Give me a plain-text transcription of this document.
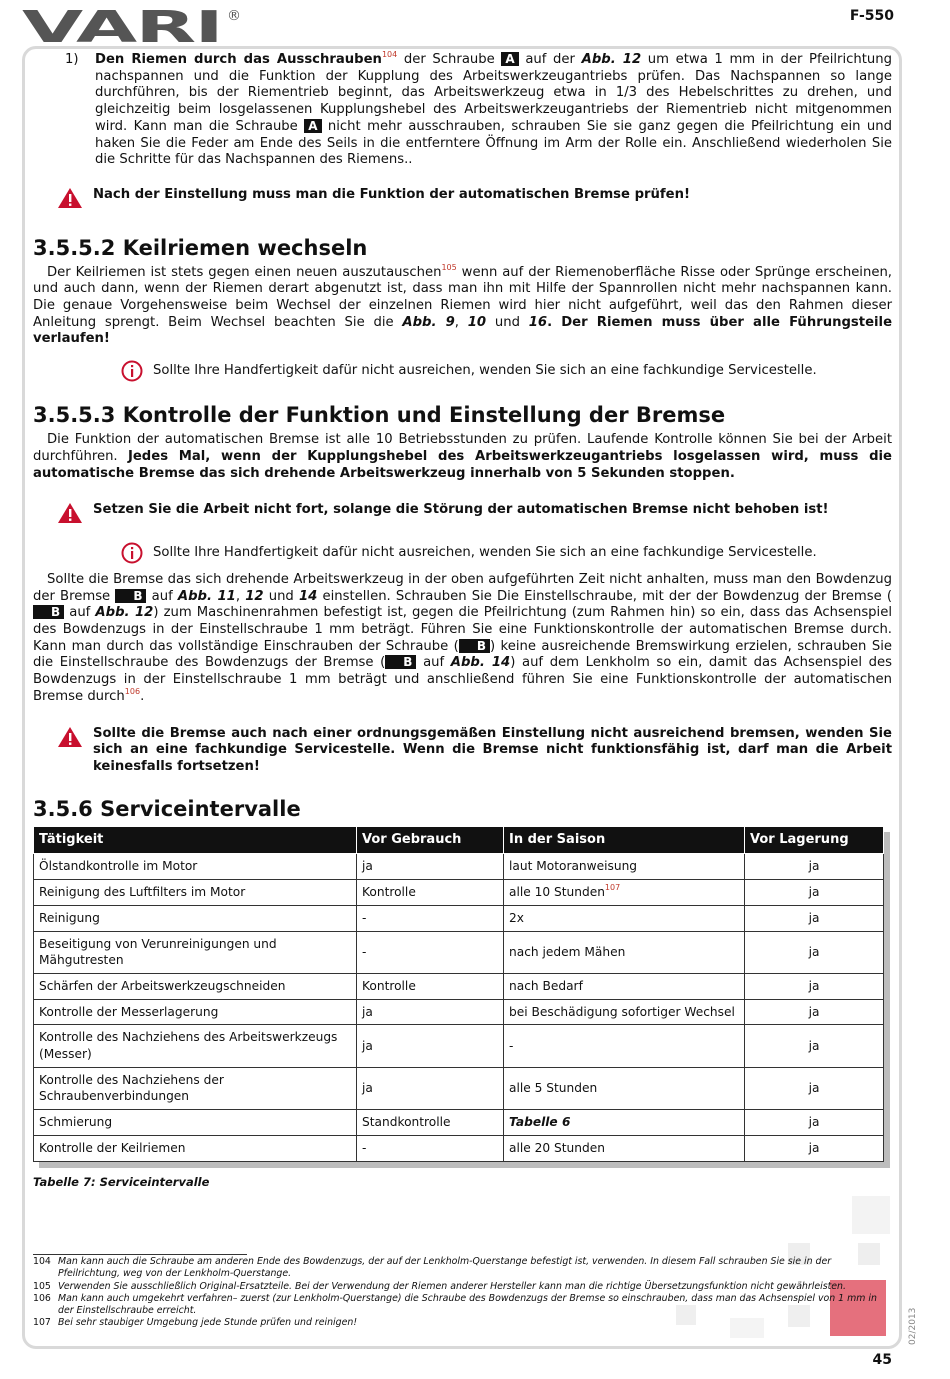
VARI ®	F-550
1)	Den Riemen durch das Ausschrauben$^{104}$ der Schraube A auf der Abb. 12 um etwa 1 mm in der Pfeilrichtung nachspannen und die Funktion der Kupplung des Arbeitswerkzeugantriebs prüfen. Das Nachspannen so lange durchführen, bis der Riementrieb beginnt, das Arbeitswerkzeug etwa in 1/3 des Hebelschrittes zu drehen, und gleichzeitig beim losgelassenen Kupplungshebel des Arbeitswerkzeugantriebs der Riementrieb nicht mitgenommen wird. Kann man die Schraube A nicht mehr ausschrauben, schrauben Sie sie ganz gegen die Pfeilrichtung ein und haken Sie die Feder am Ende des Seils in die entferntere Öffnung im Arm der Rolle ein. Anschließend wiederholen Sie die Schritte für das Nachspannen des Riemens..
Nach der Einstellung muss man die Funktion der automatischen Bremse prüfen!
3.5.5.2 Keilriemen wechseln

Der Keilriemen ist stets gegen einen neuen auszutauschen$^{105}$ wenn auf der Riemenoberfläche Risse oder Sprünge erscheinen, und auch dann, wenn der Riemen derart abgenutzt ist, dass man ihn mit Hilfe der Spannrollen nicht mehr nachspannen kann. Die genaue Vorgehensweise beim Wechsel der einzelnen Riemen wird hier nicht aufgeführt, weil das den Rahmen dieser Anleitung sprengt. Beim Wechsel beachten Sie die Abb. 9, 10 und 16. Der Riemen muss über alle Führungsteile verlaufen!

Sollte Ihre Handfertigkeit dafür nicht ausreichen, wenden Sie sich an eine fachkundige Servicestelle.
3.5.5.3 Kontrolle der Funktion und Einstellung der Bremse

Die Funktion der automatischen Bremse ist alle 10 Betriebsstunden zu prüfen. Laufende Kontrolle können Sie bei der Arbeit durchführen. Jedes Mal, wenn der Kupplungshebel des Arbeitswerkzeugantriebs losgelassen wird, muss die automatische Bremse das sich drehende Arbeitswerkzeug innerhalb von 5 Sekunden stoppen.

Setzen Sie die Arbeit nicht fort, solange die Störung der automatischen Bremse nicht behoben ist!
Sollte Ihre Handfertigkeit dafür nicht ausreichen, wenden Sie sich an eine fachkundige Servicestelle.

Sollte die Bremse das sich drehende Arbeitswerkzeug in der oben aufgeführten Zeit nicht anhalten, muss man den Bowdenzug der Bremse B auf Abb. 11, 12 und 14 einstellen. Schrauben Sie Die Einstellschraube, mit der der Bowdenzug der Bremse (B auf Abb. 12) zum Maschinenrahmen befestigt ist, gegen die Pfeilrichtung (zum Rahmen hin) so ein, dass das Achsenspiel des Bowdenzugs in der Einstellschraube 1 mm beträgt. Führen Sie eine Funktionskontrolle der automatischen Bremse durch. Kann man durch das vollständige Einschrauben der Schraube ( B ) keine ausreichende Bremswirkung erzielen, schrauben Sie die Einstellschraube des Bowdenzugs der Bremse ( B auf Abb. 14) auf dem Lenkholm so ein, damit das Achsenspiel des Bowdenzugs in der Einstellschraube 1 mm beträgt und anschließend führen Sie eine Funktionskontrolle der automatischen Bremse durch$^{106}$.

Sollte die Bremse auch nach einer ordnungsgemäßen Einstellung nicht ausreichend bremsen, wenden Sie sich an eine fachkundige Servicestelle. Wenn die Bremse nicht funktionsfähig ist, darf man die Arbeit keinesfalls fortsetzen!
3.5.6 Serviceintervalle
Tätigkeit	Vor Gebrauch	In der Saison	Vor Lagerung
Ölstandkontrolle im Motor	ja	laut Motoranweisung	ja
Reinigung des Luftfilters im Motor	Kontrolle	alle 10 Stunden$^{107}$	ja
Reinigung	-	2x	ja
Beseitigung von Verunreinigungen und Mähgutresten	-	nach jedem Mähen	ja
Schärfen der Arbeitswerkzeugschneiden	Kontrolle	nach Bedarf	ja
Kontrolle der Messerlagerung	ja	bei Beschädigung sofortiger Wechsel	ja
Kontrolle des Nachziehens des Arbeitswerkzeugs (Messer)	ja	-	ja
Kontrolle des Nachziehens der Schraubenverbindungen	ja	alle 5 Stunden	ja
Schmierung	Standkontrolle	Tabelle 6	ja
Kontrolle der Keilriemen	-	alle 20 Stunden	ja
Tabelle 7: Serviceintervalle
104 Man kann auch die Schraube am anderen Ende des Bowdenzugs, der auf der Lenkholm-Querstange befestigt ist, verwenden. In diesem Fall schrauben Sie sie in der Pfeilrichtung, weg von der Lenkholm-Querstange.
105 Verwenden Sie ausschließlich Original-Ersatzteile. Bei der Verwendung der Riemen anderer Hersteller kann man die richtige Übersetzungsfunktion nicht gewährleisten.
106 Man kann auch umgekehrt verfahren– zuerst (zur Lenkholm-Querstange) die Schraube des Bowdenzugs der Bremse so einschrauben, dass man das Achsenspiel von 1 mm in der Einstellschraube erreicht.
107 Bei sehr staubiger Umgebung jede Stunde prüfen und reinigen!	02/2013
45
